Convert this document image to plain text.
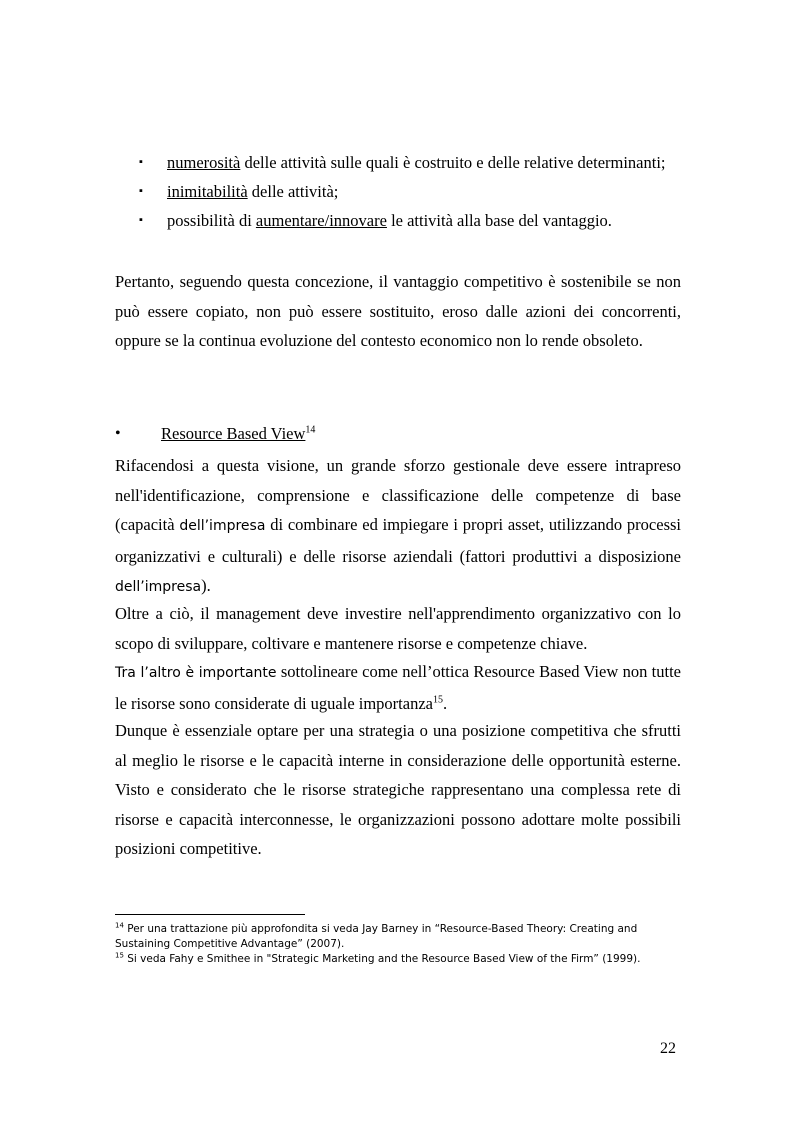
▪ numerosità delle attività sulle quali è costruito e delle relative determinanti;
▪ inimitabilità delle attività;
▪ possibilità di aumentare/innovare le attività alla base del vantaggio.

Pertanto, seguendo questa concezione, il vantaggio competitivo è sostenibile se non può essere copiato, non può essere sostituito, eroso dalle azioni dei concorrenti, oppure se la continua evoluzione del contesto economico non lo rende obsoleto.

• Resource Based View$^{14}$

Rifacendosi a questa visione, un grande sforzo gestionale deve essere intrapreso nell'identificazione, comprensione e classificazione delle competenze di base (capacità dell’impresa di combinare ed impiegare i propri asset, utilizzando processi organizzativi e culturali) e delle risorse aziendali (fattori produttivi a disposizione dell’impresa).

Oltre a ciò, il management deve investire nell'apprendimento organizzativo con lo scopo di sviluppare, coltivare e mantenere risorse e competenze chiave.

Tra l’altro è importante sottolineare come nell’ottica Resource Based View non tutte le risorse sono considerate di uguale importanza$^{15}$.

Dunque è essenziale optare per una strategia o una posizione competitiva che sfrutti al meglio le risorse e le capacità interne in considerazione delle opportunità esterne. Visto e considerato che le risorse strategiche rappresentano una complessa rete di risorse e capacità interconnesse, le organizzazioni possono adottare molte possibili posizioni competitive.

$^{14}$ Per una trattazione più approfondita si veda Jay Barney in “Resource-Based Theory: Creating and Sustaining Competitive Advantage” (2007).
$^{15}$ Si veda Fahy e Smithee in "Strategic Marketing and the Resource Based View of the Firm” (1999).
22
